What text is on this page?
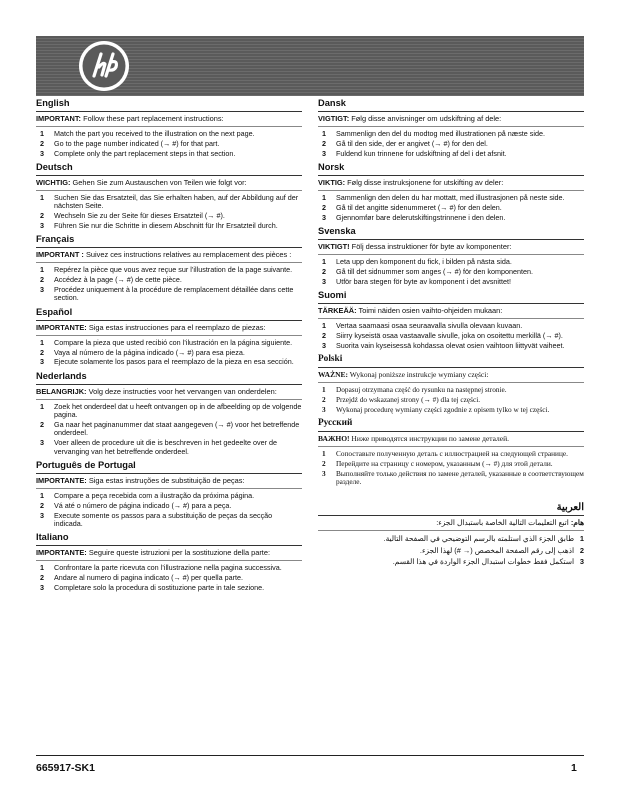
English
IMPORTANT: Follow these part replacement instructions:
1	Match the part you received to the illustration on the next page.
2	Go to the page number indicated (→ #) for that part.
3	Complete only the part replacement steps in that section.
Deutsch
WICHTIG: Gehen Sie zum Austauschen von Teilen wie folgt vor:
1	Suchen Sie das Ersatzteil, das Sie erhalten haben, auf der Abbildung auf der nächsten Seite.
2	Wechseln Sie zu der Seite für dieses Ersatzteil (→ #).
3	Führen Sie nur die Schritte in diesem Abschnitt für Ihr Ersatzteil durch.
Français
IMPORTANT : Suivez ces instructions relatives au remplacement des pièces :
1	Repérez la pièce que vous avez reçue sur l’illustration de la page suivante.
2	Accédez à la page (→ #) de cette pièce.
3	Procédez uniquement à la procédure de remplacement détaillée dans cette section.
Español
IMPORTANTE: Siga estas instrucciones para el reemplazo de piezas:
1	Compare la pieza que usted recibió con l’ilustración en la página siguiente.
2	Vaya al número de la página indicado (→ #) para esa pieza.
3	Ejecute solamente los pasos para el reemplazo de la pieza en esa sección.
Nederlands
BELANGRIJK: Volg deze instructies voor het vervangen van onderdelen:
1	Zoek het onderdeel dat u heeft ontvangen op in de afbeelding op de volgende pagina.
2	Ga naar het paginanummer dat staat aangegeven (→ #) voor het betreffende onderdeel.
3	Voer alleen de procedure uit die is beschreven in het gedeelte over de vervanging van het betreffende onderdeel.
Português de Portugal
IMPORTANTE: Siga estas instruções de substituição de peças:
1	Compare a peça recebida com a ilustração da próxima página.
2	Vá até o número de página indicado (→ #) para a peça.
3	Execute somente os passos para a substituição de peças da secção indicada.
Italiano
IMPORTANTE: Seguire queste istruzioni per la sostituzione della parte:
1	Confrontare la parte ricevuta con l’illustrazione nella pagina successiva.
2	Andare al numero di pagina indicato (→ #) per quella parte.
3	Completare solo la procedura di sostituzione parte in tale sezione.
Dansk
VIGTIGT: Følg disse anvisninger om udskiftning af dele:
1	Sammenlign den del du modtog med illustrationen på næste side.
2	Gå til den side, der er angivet (→ #) for den del.
3	Fuldend kun trinnene for udskiftning af del i det afsnit.
Norsk
VIKTIG: Følg disse instruksjonene for utskifting av deler:
1	Sammenlign den delen du har mottatt, med illustrasjonen på neste side.
2	Gå til det angitte sidenummeret (→ #) for den delen.
3	Gjennomfør bare delerutskiftingstrinnene i den delen.
Svenska
VIKTIGT! Följ dessa instruktioner för byte av komponenter:
1	Leta upp den komponent du fick, i bilden på nästa sida.
2	Gå till det sidnummer som anges (→ #) för den komponenten.
3	Utför bara stegen för byte av komponent i det avsnittet!
Suomi
TÄRKEÄÄ: Toimi näiden osien vaihto-ohjeiden mukaan:
1	Vertaa saamaasi osaa seuraavalla sivulla olevaan kuvaan.
2	Siirry kyseistä osaa vastaavalle sivulle, joka on osoitettu merkillä (→ #).
3	Suorita vain kyseisessä kohdassa olevat osien vaihtoon liittyvät vaiheet.
Polski
WAŻNE: Wykonaj poniższe instrukcje wymiany części:
1	Dopasuj otrzymana część do rysunku na następnej stronie.
2	Przejdź do wskazanej strony (→ #) dla tej części.
3	Wykonaj procedurę wymiany części zgodnie z opisem tylko w tej części.
Русский
ВАЖНО! Ниже приводятся инструкции по замене деталей.
1	Сопоставьте полученную деталь с иллюстрацией на следующей странице.
2	Перейдите на страницу с номером, указанным (→ #) для этой детали.
3	Выполняйте только действия по замене деталей, указанные в соответствующем разделе.
العربية
هام: اتبع التعليمات التالية الخاصة باستبدال الجزء:
1
طابق الجزء الذي استلمته بالرسم التوضيحي في الصفحة التالية.
2
اذهب إلى رقم الصفحة المخصص (→ #) لهذا الجزء.
3
استكمل فقط خطوات استبدال الجزء الواردة في هذا القسم.
665917-SK1	1
